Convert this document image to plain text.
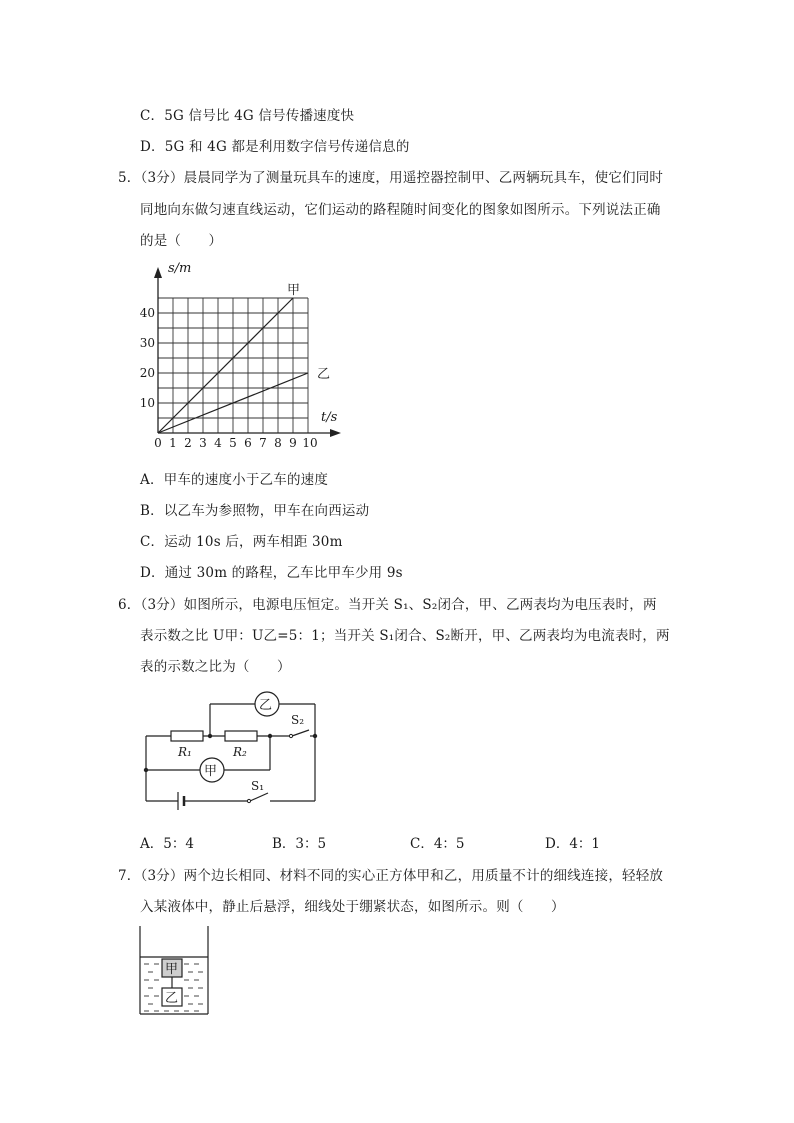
C．5G 信号比 4G 信号传播速度快
D．5G 和 4G 都是利用数字信号传递信息的
5．（3分）晨晨同学为了测量玩具车的速度，用遥控器控制甲、乙两辆玩具车，使它们同时
同地向东做匀速直线运动，它们运动的路程随时间变化的图象如图所示。下列说法正确
的是（　　）
0 1 2 3 4 5 6 7 8 9 10
10
20
30
40
甲
乙
s/m
t/s
A．甲车的速度小于乙车的速度
B．以乙车为参照物，甲车在向西运动
C．运动 10s 后，两车相距 30m
D．通过 30m 的路程，乙车比甲车少用 9s
6．（3分）如图所示，电源电压恒定。当开关 S₁、S₂闭合，甲、乙两表均为电压表时，两
表示数之比 U甲：U乙=5：1；当开关 S₁闭合、S₂断开，甲、乙两表均为电流表时，两
表的示数之比为（　　）
乙
甲
R₁	R₂
S₂
S₁
A．5：4	B．3：5	C．4：5	D．4：1
7．（3分）两个边长相同、材料不同的实心正方体甲和乙，用质量不计的细线连接，轻轻放
入某液体中，静止后悬浮，细线处于绷紧状态，如图所示。则（　　）
甲
乙
